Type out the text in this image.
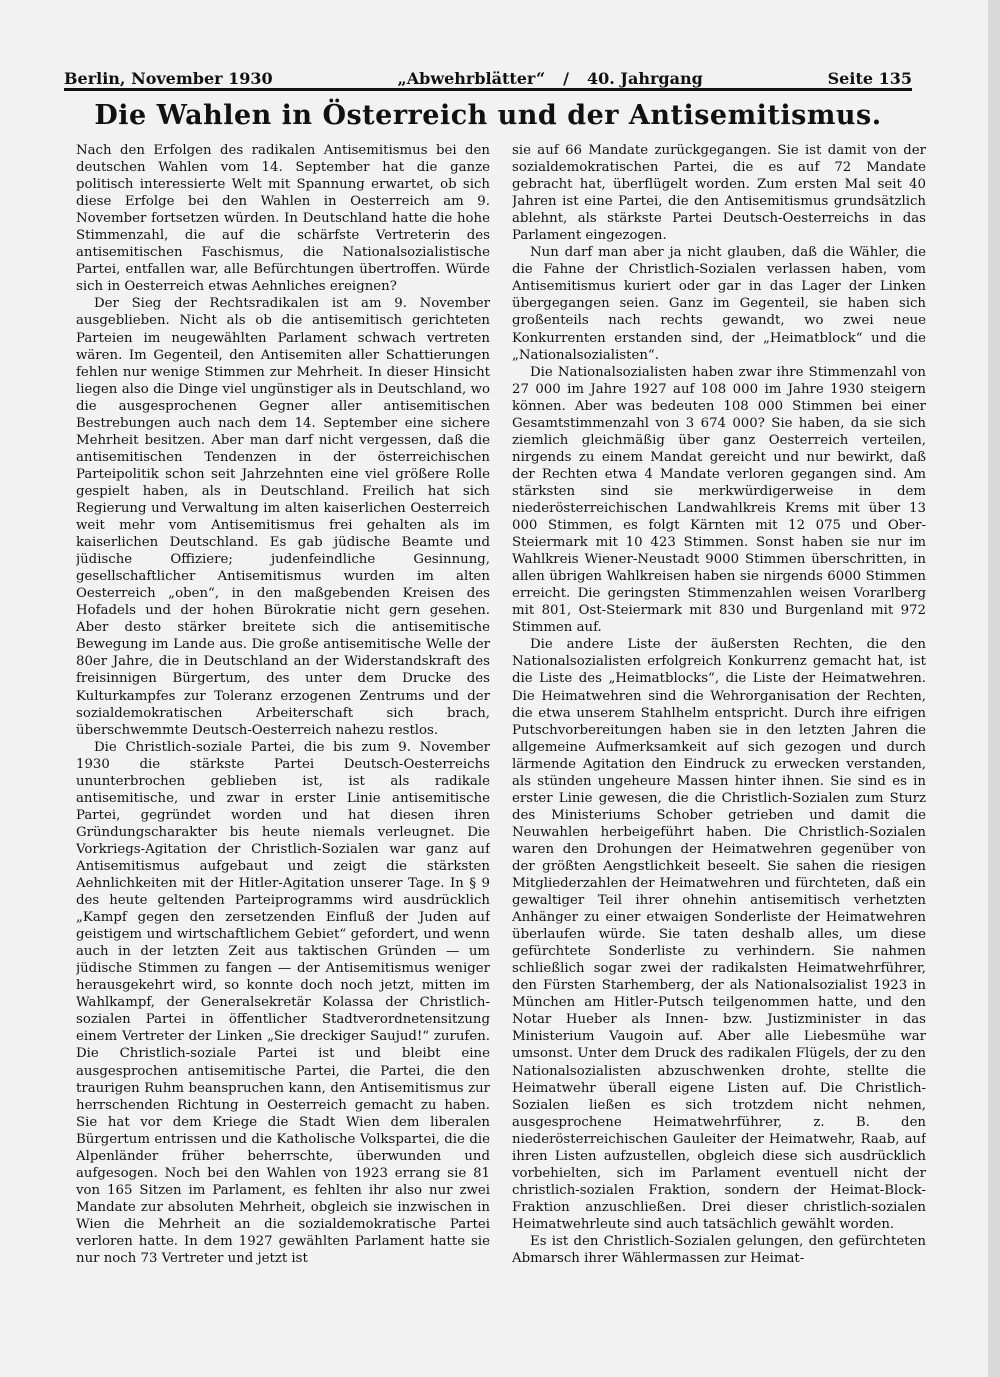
Berlin, November 1930	„Abwehrblätter“ / 40. Jahrgang	Seite 135
Die Wahlen in Österreich und der Antisemitismus.

Nach den Erfolgen des radikalen Antisemitismus bei den deutschen Wahlen vom 14. September hat die ganze politisch interessierte Welt mit Spannung erwartet, ob sich diese Erfolge bei den Wahlen in Oesterreich am 9. November fortsetzen würden. In Deutschland hatte die hohe Stimmenzahl, die auf die schärfste Vertreterin des antisemitischen Faschismus, die Nationalsozialistische Partei, entfallen war, alle Befürchtungen übertroffen. Würde sich in Oesterreich etwas Aehnliches ereignen?

Der Sieg der Rechtsradikalen ist am 9. November ausgeblieben. Nicht als ob die antisemitisch gerichteten Parteien im neugewählten Parlament schwach vertreten wären. Im Gegenteil, den Antisemiten aller Schattierungen fehlen nur wenige Stimmen zur Mehrheit. In dieser Hinsicht liegen also die Dinge viel ungünstiger als in Deutschland, wo die ausgesprochenen Gegner aller antisemitischen Bestrebungen auch nach dem 14. September eine sichere Mehrheit besitzen. Aber man darf nicht vergessen, daß die antisemitischen Tendenzen in der österreichischen Parteipolitik schon seit Jahrzehnten eine viel größere Rolle gespielt haben, als in Deutschland. Freilich hat sich Regierung und Verwaltung im alten kaiserlichen Oesterreich weit mehr vom Antisemitismus frei gehalten als im kaiserlichen Deutschland. Es gab jüdische Beamte und jüdische Offiziere; judenfeindliche Gesinnung, gesellschaftlicher Antisemitismus wurden im alten Oesterreich „oben“, in den maßgebenden Kreisen des Hofadels und der hohen Bürokratie nicht gern gesehen. Aber desto stärker breitete sich die antisemitische Bewegung im Lande aus. Die große antisemitische Welle der 80er Jahre, die in Deutschland an der Widerstandskraft des freisinnigen Bürgertum, des unter dem Drucke des Kulturkampfes zur Toleranz erzogenen Zentrums und der sozialdemokratischen Arbeiterschaft sich brach, überschwemmte Deutsch-Oesterreich nahezu restlos.

Die Christlich-soziale Partei, die bis zum 9. November 1930 die stärkste Partei Deutsch-Oesterreichs ununterbrochen geblieben ist, ist als radikale antisemitische, und zwar in erster Linie antisemitische Partei, gegründet worden und hat diesen ihren Gründungscharakter bis heute niemals verleugnet. Die Vorkriegs-Agitation der Christlich-Sozialen war ganz auf Antisemitismus aufgebaut und zeigt die stärksten Aehnlichkeiten mit der Hitler-Agitation unserer Tage. In § 9 des heute geltenden Parteiprogramms wird ausdrücklich „Kampf gegen den zersetzenden Einfluß der Juden auf geistigem und wirtschaftlichem Gebiet“ gefordert, und wenn auch in der letzten Zeit aus taktischen Gründen — um jüdische Stimmen zu fangen — der Antisemitismus weniger herausgekehrt wird, so konnte doch noch jetzt, mitten im Wahlkampf, der Generalsekretär Kolassa der Christlich-sozialen Partei in öffentlicher Stadtverordnetensitzung einem Vertreter der Linken „Sie dreckiger Saujud!“ zurufen. Die Christlich-soziale Partei ist und bleibt eine ausgesprochen antisemitische Partei, die Partei, die den traurigen Ruhm beanspruchen kann, den Antisemitismus zur herrschenden Richtung in Oesterreich gemacht zu haben. Sie hat vor dem Kriege die Stadt Wien dem liberalen Bürgertum entrissen und die Katholische Volkspartei, die die Alpenländer früher beherrschte, überwunden und aufgesogen. Noch bei den Wahlen von 1923 errang sie 81 von 165 Sitzen im Parlament, es fehlten ihr also nur zwei Mandate zur absoluten Mehrheit, obgleich sie inzwischen in Wien die Mehrheit an die sozialdemokratische Partei verloren hatte. In dem 1927 gewählten Parlament hatte sie nur noch 73 Vertreter und jetzt ist

sie auf 66 Mandate zurückgegangen. Sie ist damit von der sozialdemokratischen Partei, die es auf 72 Mandate gebracht hat, überflügelt worden. Zum ersten Mal seit 40 Jahren ist eine Partei, die den Antisemitismus grundsätzlich ablehnt, als stärkste Partei Deutsch-Oesterreichs in das Parlament eingezogen.

Nun darf man aber ja nicht glauben, daß die Wähler, die die Fahne der Christlich-Sozialen verlassen haben, vom Antisemitismus kuriert oder gar in das Lager der Linken übergegangen seien. Ganz im Gegenteil, sie haben sich großenteils nach rechts gewandt, wo zwei neue Konkurrenten erstanden sind, der „Heimatblock“ und die „Nationalsozialisten“.

Die Nationalsozialisten haben zwar ihre Stimmenzahl von 27 000 im Jahre 1927 auf 108 000 im Jahre 1930 steigern können. Aber was bedeuten 108 000 Stimmen bei einer Gesamtstimmenzahl von 3 674 000? Sie haben, da sie sich ziemlich gleichmäßig über ganz Oesterreich verteilen, nirgends zu einem Mandat gereicht und nur bewirkt, daß der Rechten etwa 4 Mandate verloren gegangen sind. Am stärksten sind sie merkwürdigerweise in dem niederösterreichischen Landwahlkreis Krems mit über 13 000 Stimmen, es folgt Kärnten mit 12 075 und Ober-Steiermark mit 10 423 Stimmen. Sonst haben sie nur im Wahlkreis Wiener-Neustadt 9000 Stimmen überschritten, in allen übrigen Wahlkreisen haben sie nirgends 6000 Stimmen erreicht. Die geringsten Stimmenzahlen weisen Vorarlberg mit 801, Ost-Steiermark mit 830 und Burgenland mit 972 Stimmen auf.

Die andere Liste der äußersten Rechten, die den Nationalsozialisten erfolgreich Konkurrenz gemacht hat, ist die Liste des „Heimatblocks“, die Liste der Heimatwehren. Die Heimatwehren sind die Wehrorganisation der Rechten, die etwa unserem Stahlhelm entspricht. Durch ihre eifrigen Putschvorbereitungen haben sie in den letzten Jahren die allgemeine Aufmerksamkeit auf sich gezogen und durch lärmende Agitation den Eindruck zu erwecken verstanden, als stünden ungeheure Massen hinter ihnen. Sie sind es in erster Linie gewesen, die die Christlich-Sozialen zum Sturz des Ministeriums Schober getrieben und damit die Neuwahlen herbeigeführt haben. Die Christlich-Sozialen waren den Drohungen der Heimatwehren gegenüber von der größten Aengstlichkeit beseelt. Sie sahen die riesigen Mitgliederzahlen der Heimatwehren und fürchteten, daß ein gewaltiger Teil ihrer ohnehin antisemitisch verhetzten Anhänger zu einer etwaigen Sonderliste der Heimatwehren überlaufen würde. Sie taten deshalb alles, um diese gefürchtete Sonderliste zu verhindern. Sie nahmen schließlich sogar zwei der radikalsten Heimatwehrführer, den Fürsten Starhemberg, der als Nationalsozialist 1923 in München am Hitler-Putsch teilgenommen hatte, und den Notar Hueber als Innen- bzw. Justizminister in das Ministerium Vaugoin auf. Aber alle Liebesmühe war umsonst. Unter dem Druck des radikalen Flügels, der zu den Nationalsozialisten abzuschwenken drohte, stellte die Heimatwehr überall eigene Listen auf. Die Christlich-Sozialen ließen es sich trotzdem nicht nehmen, ausgesprochene Heimatwehrführer, z. B. den niederösterreichischen Gauleiter der Heimatwehr, Raab, auf ihren Listen aufzustellen, obgleich diese sich ausdrücklich vorbehielten, sich im Parlament eventuell nicht der christlich-sozialen Fraktion, sondern der Heimat-Block-Fraktion anzuschließen. Drei dieser christlich-sozialen Heimatwehrleute sind auch tatsächlich gewählt worden.

Es ist den Christlich-Sozialen gelungen, den gefürchteten Abmarsch ihrer Wählermassen zur Heimat-
